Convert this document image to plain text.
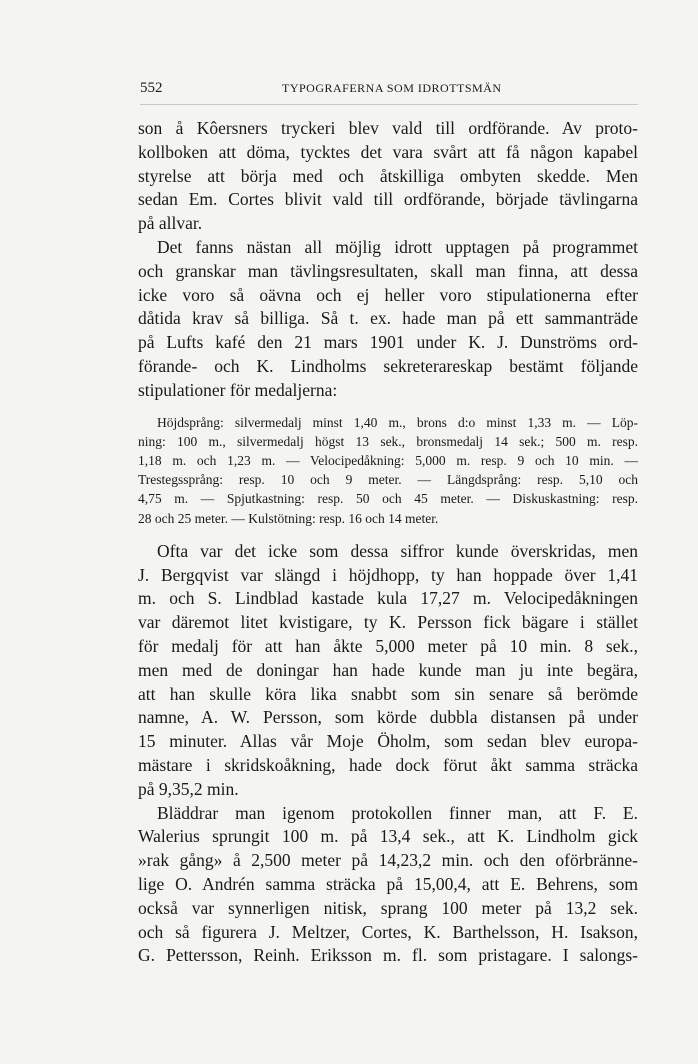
552	TYPOGRAFERNA SOM IDROTTSMÄN
son å Kôersners tryckeri blev vald till ordförande. Av proto-
kollboken att döma, tycktes det vara svårt att få någon kapabel
styrelse att börja med och åtskilliga ombyten skedde. Men
sedan Em. Cortes blivit vald till ordförande, började tävlingarna
på allvar.
Det fanns nästan all möjlig idrott upptagen på programmet
och granskar man tävlingsresultaten, skall man finna, att dessa
icke voro så oävna och ej heller voro stipulationerna efter
dåtida krav så billiga. Så t. ex. hade man på ett sammanträde
på Lufts kafé den 21 mars 1901 under K. J. Dunströms ord-
förande- och K. Lindholms sekreterareskap bestämt följande
stipulationer för medaljerna:
Höjdsprång: silvermedalj minst 1,40 m., brons d:o minst 1,33 m. — Löp-
ning: 100 m., silvermedalj högst 13 sek., bronsmedalj 14 sek.; 500 m. resp.
1,18 m. och 1,23 m. — Velocipedåkning: 5,000 m. resp. 9 och 10 min. —
Trestegssprång: resp. 10 och 9 meter. — Längdsprång: resp. 5,10 och
4,75 m. — Spjutkastning: resp. 50 och 45 meter. — Diskuskastning: resp.
28 och 25 meter. — Kulstötning: resp. 16 och 14 meter.
Ofta var det icke som dessa siffror kunde överskridas, men
J. Bergqvist var slängd i höjdhopp, ty han hoppade över 1,41
m. och S. Lindblad kastade kula 17,27 m. Velocipedåkningen
var däremot litet kvistigare, ty K. Persson fick bägare i stället
för medalj för att han åkte 5,000 meter på 10 min. 8 sek.,
men med de doningar han hade kunde man ju inte begära,
att han skulle köra lika snabbt som sin senare så berömde
namne, A. W. Persson, som körde dubbla distansen på under
15 minuter. Allas vår Moje Öholm, som sedan blev europa-
mästare i skridskoåkning, hade dock förut åkt samma sträcka
på 9,35,2 min.
Bläddrar man igenom protokollen finner man, att F. E.
Walerius sprungit 100 m. på 13,4 sek., att K. Lindholm gick
»rak gång» å 2,500 meter på 14,23,2 min. och den oförbränne-
lige O. Andrén samma sträcka på 15,00,4, att E. Behrens, som
också var synnerligen nitisk, sprang 100 meter på 13,2 sek.
och så figurera J. Meltzer, Cortes, K. Barthelsson, H. Isakson,
G. Pettersson, Reinh. Eriksson m. fl. som pristagare. I salongs-
